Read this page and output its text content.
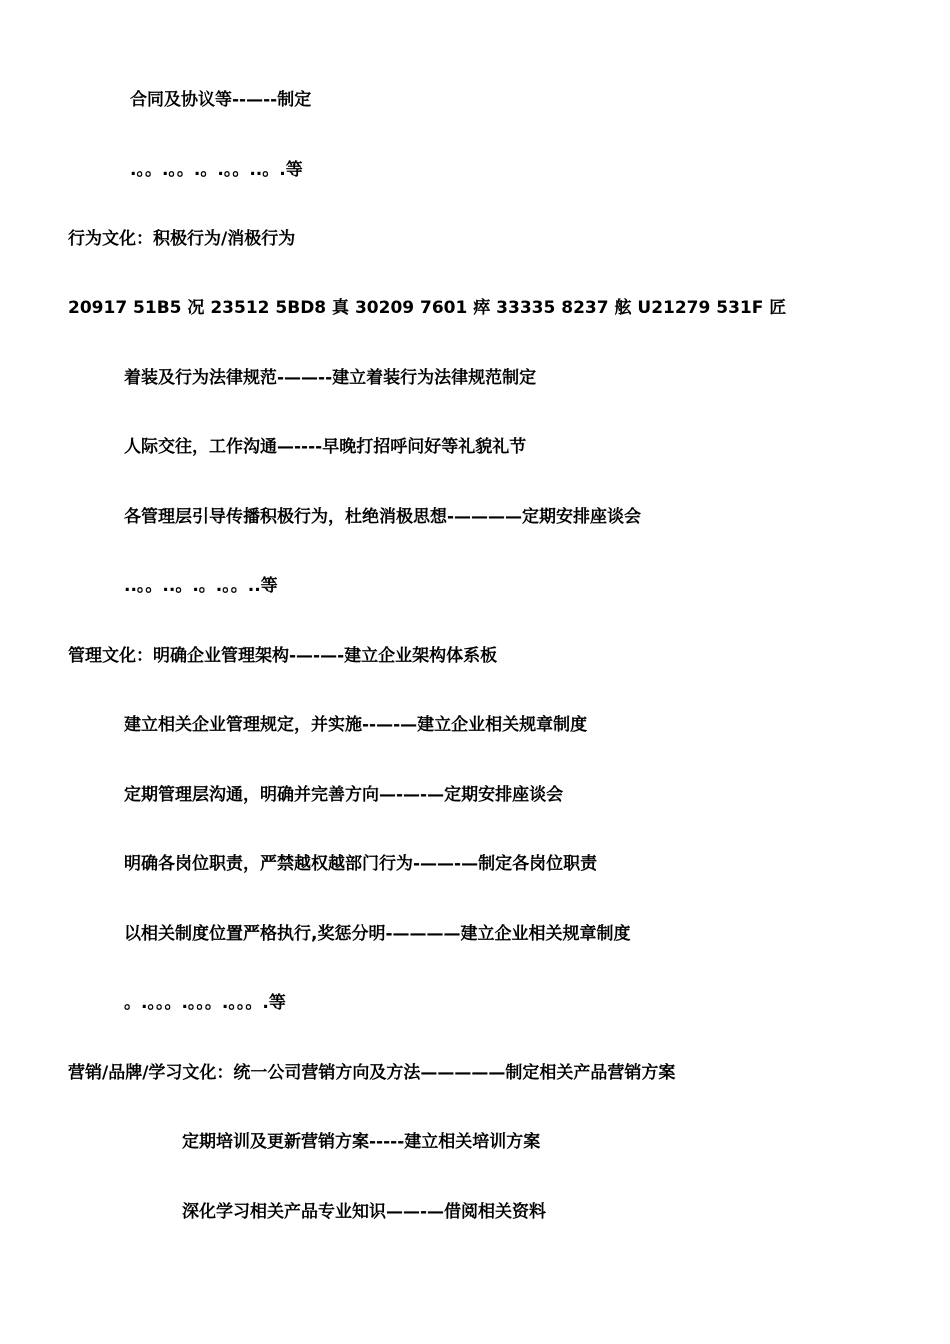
合同及协议等--—--制定
.。。.。。.。.。。..。.等
行为文化：积极行为/消极行为
20917 51B5 况 23512 5BD8 真 30209 7601 瘁 33335 8237 舷 U21279 531F 匠
着装及行为法律规范-——--建立着装行为法律规范制定
人际交往，工作沟通—----早晚打招呼问好等礼貌礼节
各管理层引导传播积极行为，杜绝消极思想-————定期安排座谈会
..。。..。.。.。。..等
管理文化：明确企业管理架构-—-—-建立企业架构体系板
建立相关企业管理规定，并实施--—-—建立企业相关规章制度
定期管理层沟通，明确并完善方向—-—-—定期安排座谈会
明确各岗位职责，严禁越权越部门行为-——-—制定各岗位职责
以相关制度位置严格执行,奖惩分明-————建立企业相关规章制度
。.。。。.。。。.。。。.等
营销/品牌/学习文化：统一公司营销方向及方法—————制定相关产品营销方案
定期培训及更新营销方案-----建立相关培训方案
深化学习相关产品专业知识——-—借阅相关资料
